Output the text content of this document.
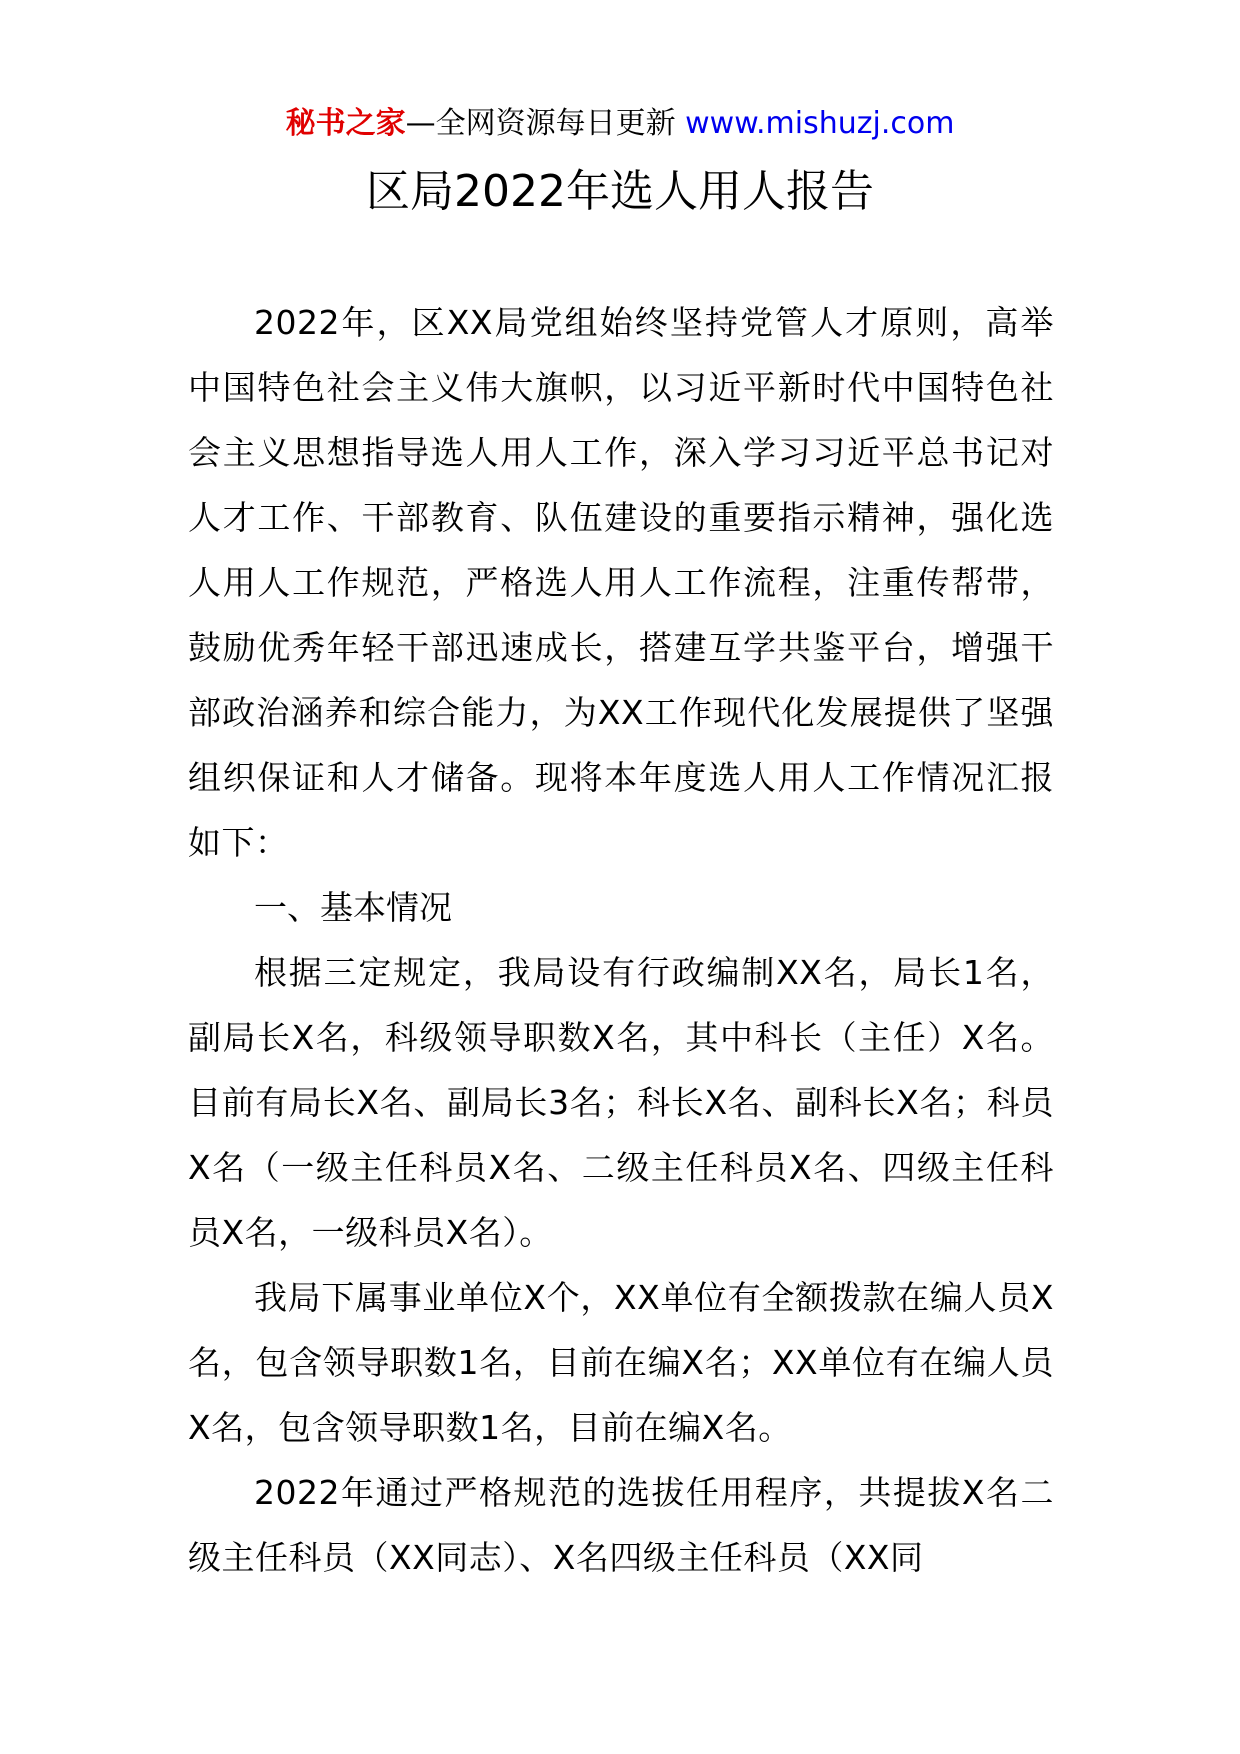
秘书之家—全网资源每日更新 www.mishuzj.com
区局2022年选人用人报告

2022年，区XX局党组始终坚持党管人才原则，高举中国特色社会主义伟大旗帜，以习近平新时代中国特色社会主义思想指导选人用人工作，深入学习习近平总书记对人才工作、干部教育、队伍建设的重要指示精神，强化选人用人工作规范，严格选人用人工作流程，注重传帮带，鼓励优秀年轻干部迅速成长，搭建互学共鉴平台，增强干部政治涵养和综合能力，为XX工作现代化发展提供了坚强组织保证和人才储备。现将本年度选人用人工作情况汇报如下：

一、基本情况

根据三定规定，我局设有行政编制XX名，局长1名，副局长X名，科级领导职数X名，其中科长（主任）X名。目前有局长X名、副局长3名；科长X名、副科长X名；科员X名（一级主任科员X名、二级主任科员X名、四级主任科员X名，一级科员X名）。

我局下属事业单位X个，XX单位有全额拨款在编人员X名，包含领导职数1名，目前在编X名；XX单位有在编人员X名，包含领导职数1名，目前在编X名。

2022年通过严格规范的选拔任用程序，共提拔X名二级主任科员（XX同志）、X名四级主任科员（XX同
